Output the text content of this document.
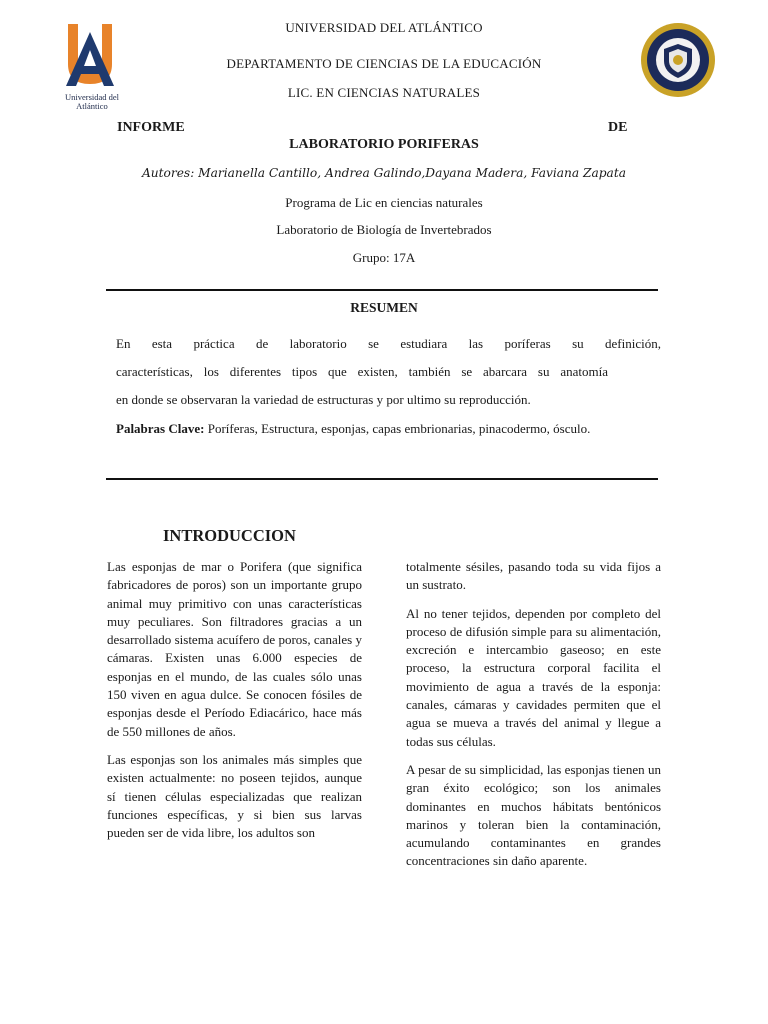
Universidad del Atlántico
UNIVERSIDAD DEL ATLÁNTICO
DEPARTAMENTO DE CIENCIAS DE LA EDUCACIÓN
LIC. EN CIENCIAS NATURALES
INFORME	DE
LABORATORIO PORIFERAS
Autores: Marianella Cantillo, Andrea Galindo,Dayana Madera, Faviana Zapata
Programa de Lic en ciencias naturales
Laboratorio de Biología de Invertebrados
Grupo: 17A
RESUMEN
En esta práctica de laboratorio se estudiara las poríferas su definición,
características, los diferentes tipos que existen, también se abarcara su anatomía
en donde se observaran la variedad de estructuras y por ultimo su reproducción.
Palabras Clave: Poríferas, Estructura, esponjas, capas embrionarias, pinacodermo, ósculo.
INTRODUCCION

Las esponjas de mar o Porifera (que significa fabricadores de poros) son un importante grupo animal muy primitivo con unas características muy peculiares. Son filtradores gracias a un desarrollado sistema acuífero de poros, canales y cámaras. Existen unas 6.000 especies de esponjas en el mundo, de las cuales sólo unas 150 viven en agua dulce. Se conocen fósiles de esponjas desde el Período Ediacárico, hace más de 550 millones de años.

Las esponjas son los animales más simples que existen actualmente: no poseen tejidos, aunque sí tienen células especializadas que realizan funciones específicas, y si bien sus larvas pueden ser de vida libre, los adultos son

totalmente sésiles, pasando toda su vida fijos a un sustrato.

Al no tener tejidos, dependen por completo del proceso de difusión simple para su alimentación, excreción e intercambio gaseoso; en este proceso, la estructura corporal facilita el movimiento de agua a través de la esponja: canales, cámaras y cavidades permiten que el agua se mueva a través del animal y llegue a todas sus células.

A pesar de su simplicidad, las esponjas tienen un gran éxito ecológico; son los animales dominantes en muchos hábitats bentónicos marinos y toleran bien la contaminación, acumulando contaminantes en grandes concentraciones sin daño aparente.
